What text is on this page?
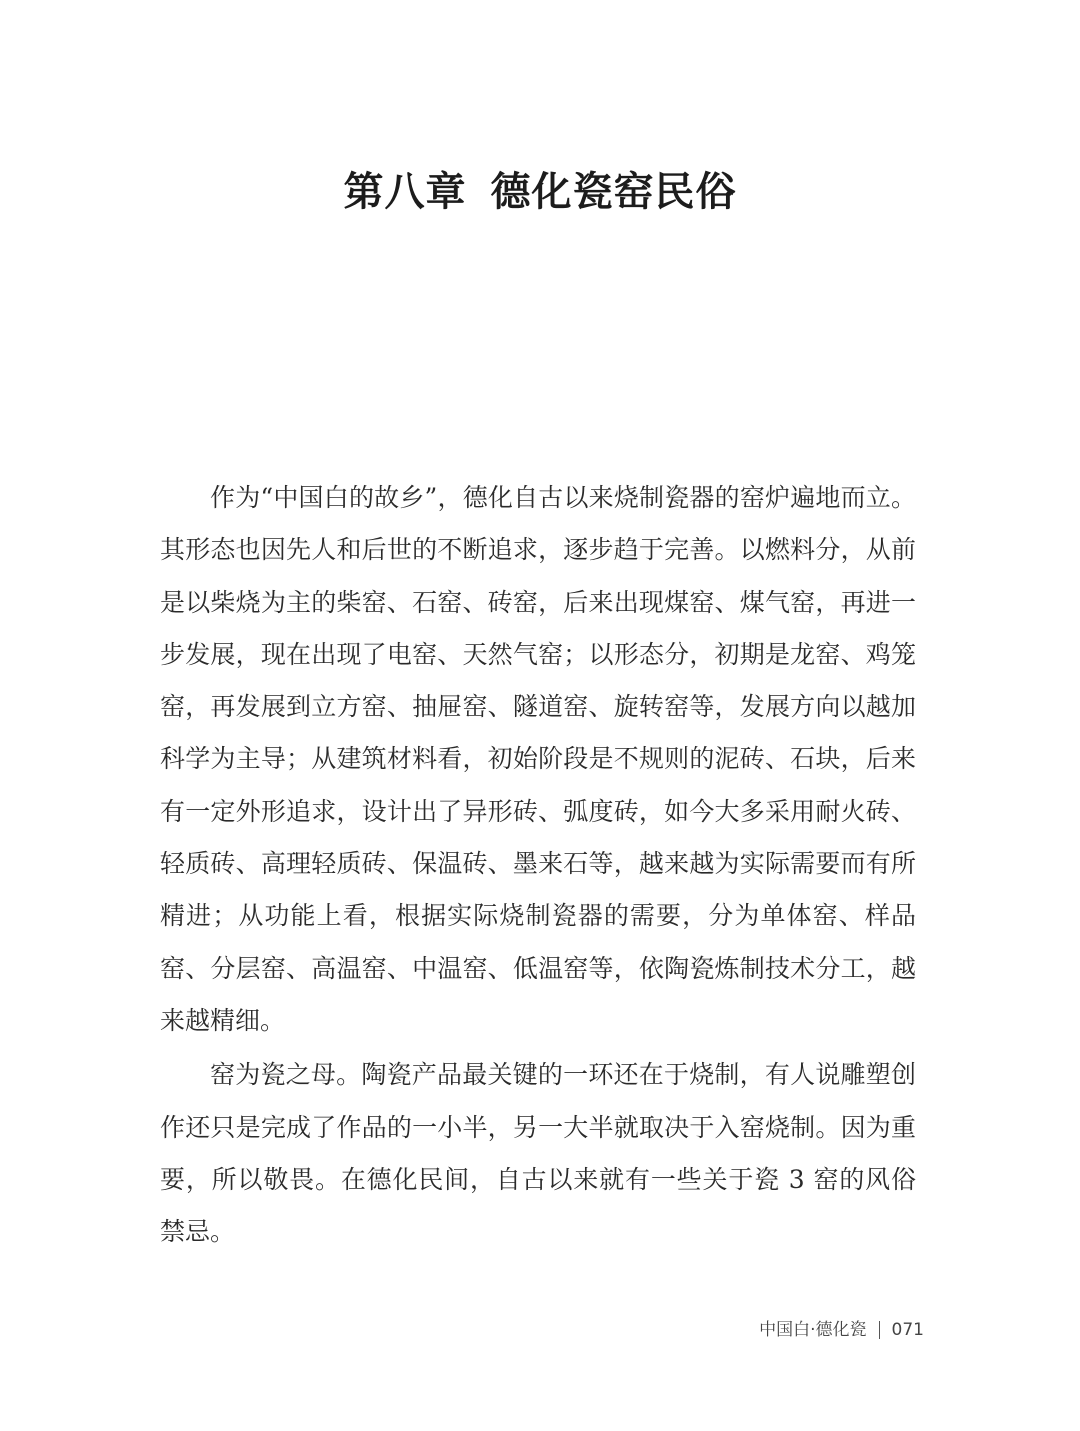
第八章 德化瓷窑民俗

作为“中国白的故乡”，德化自古以来烧制瓷器的窑炉遍地而立。其形态也因先人和后世的不断追求，逐步趋于完善。以燃料分，从前是以柴烧为主的柴窑、石窑、砖窑，后来出现煤窑、煤气窑，再进一步发展，现在出现了电窑、天然气窑；以形态分，初期是龙窑、鸡笼窑，再发展到立方窑、抽屉窑、隧道窑、旋转窑等，发展方向以越加科学为主导；从建筑材料看，初始阶段是不规则的泥砖、石块，后来有一定外形追求，设计出了异形砖、弧度砖，如今大多采用耐火砖、轻质砖、高理轻质砖、保温砖、墨来石等，越来越为实际需要而有所精进；从功能上看，根据实际烧制瓷器的需要，分为单体窑、样品窑、分层窑、高温窑、中温窑、低温窑等，依陶瓷炼制技术分工，越来越精细。

窑为瓷之母。陶瓷产品最关键的一环还在于烧制，有人说雕塑创作还只是完成了作品的一小半，另一大半就取决于入窑烧制。因为重要，所以敬畏。在德化民间，自古以来就有一些关于瓷 3 窑的风俗禁忌。

中国白·德化瓷 071
